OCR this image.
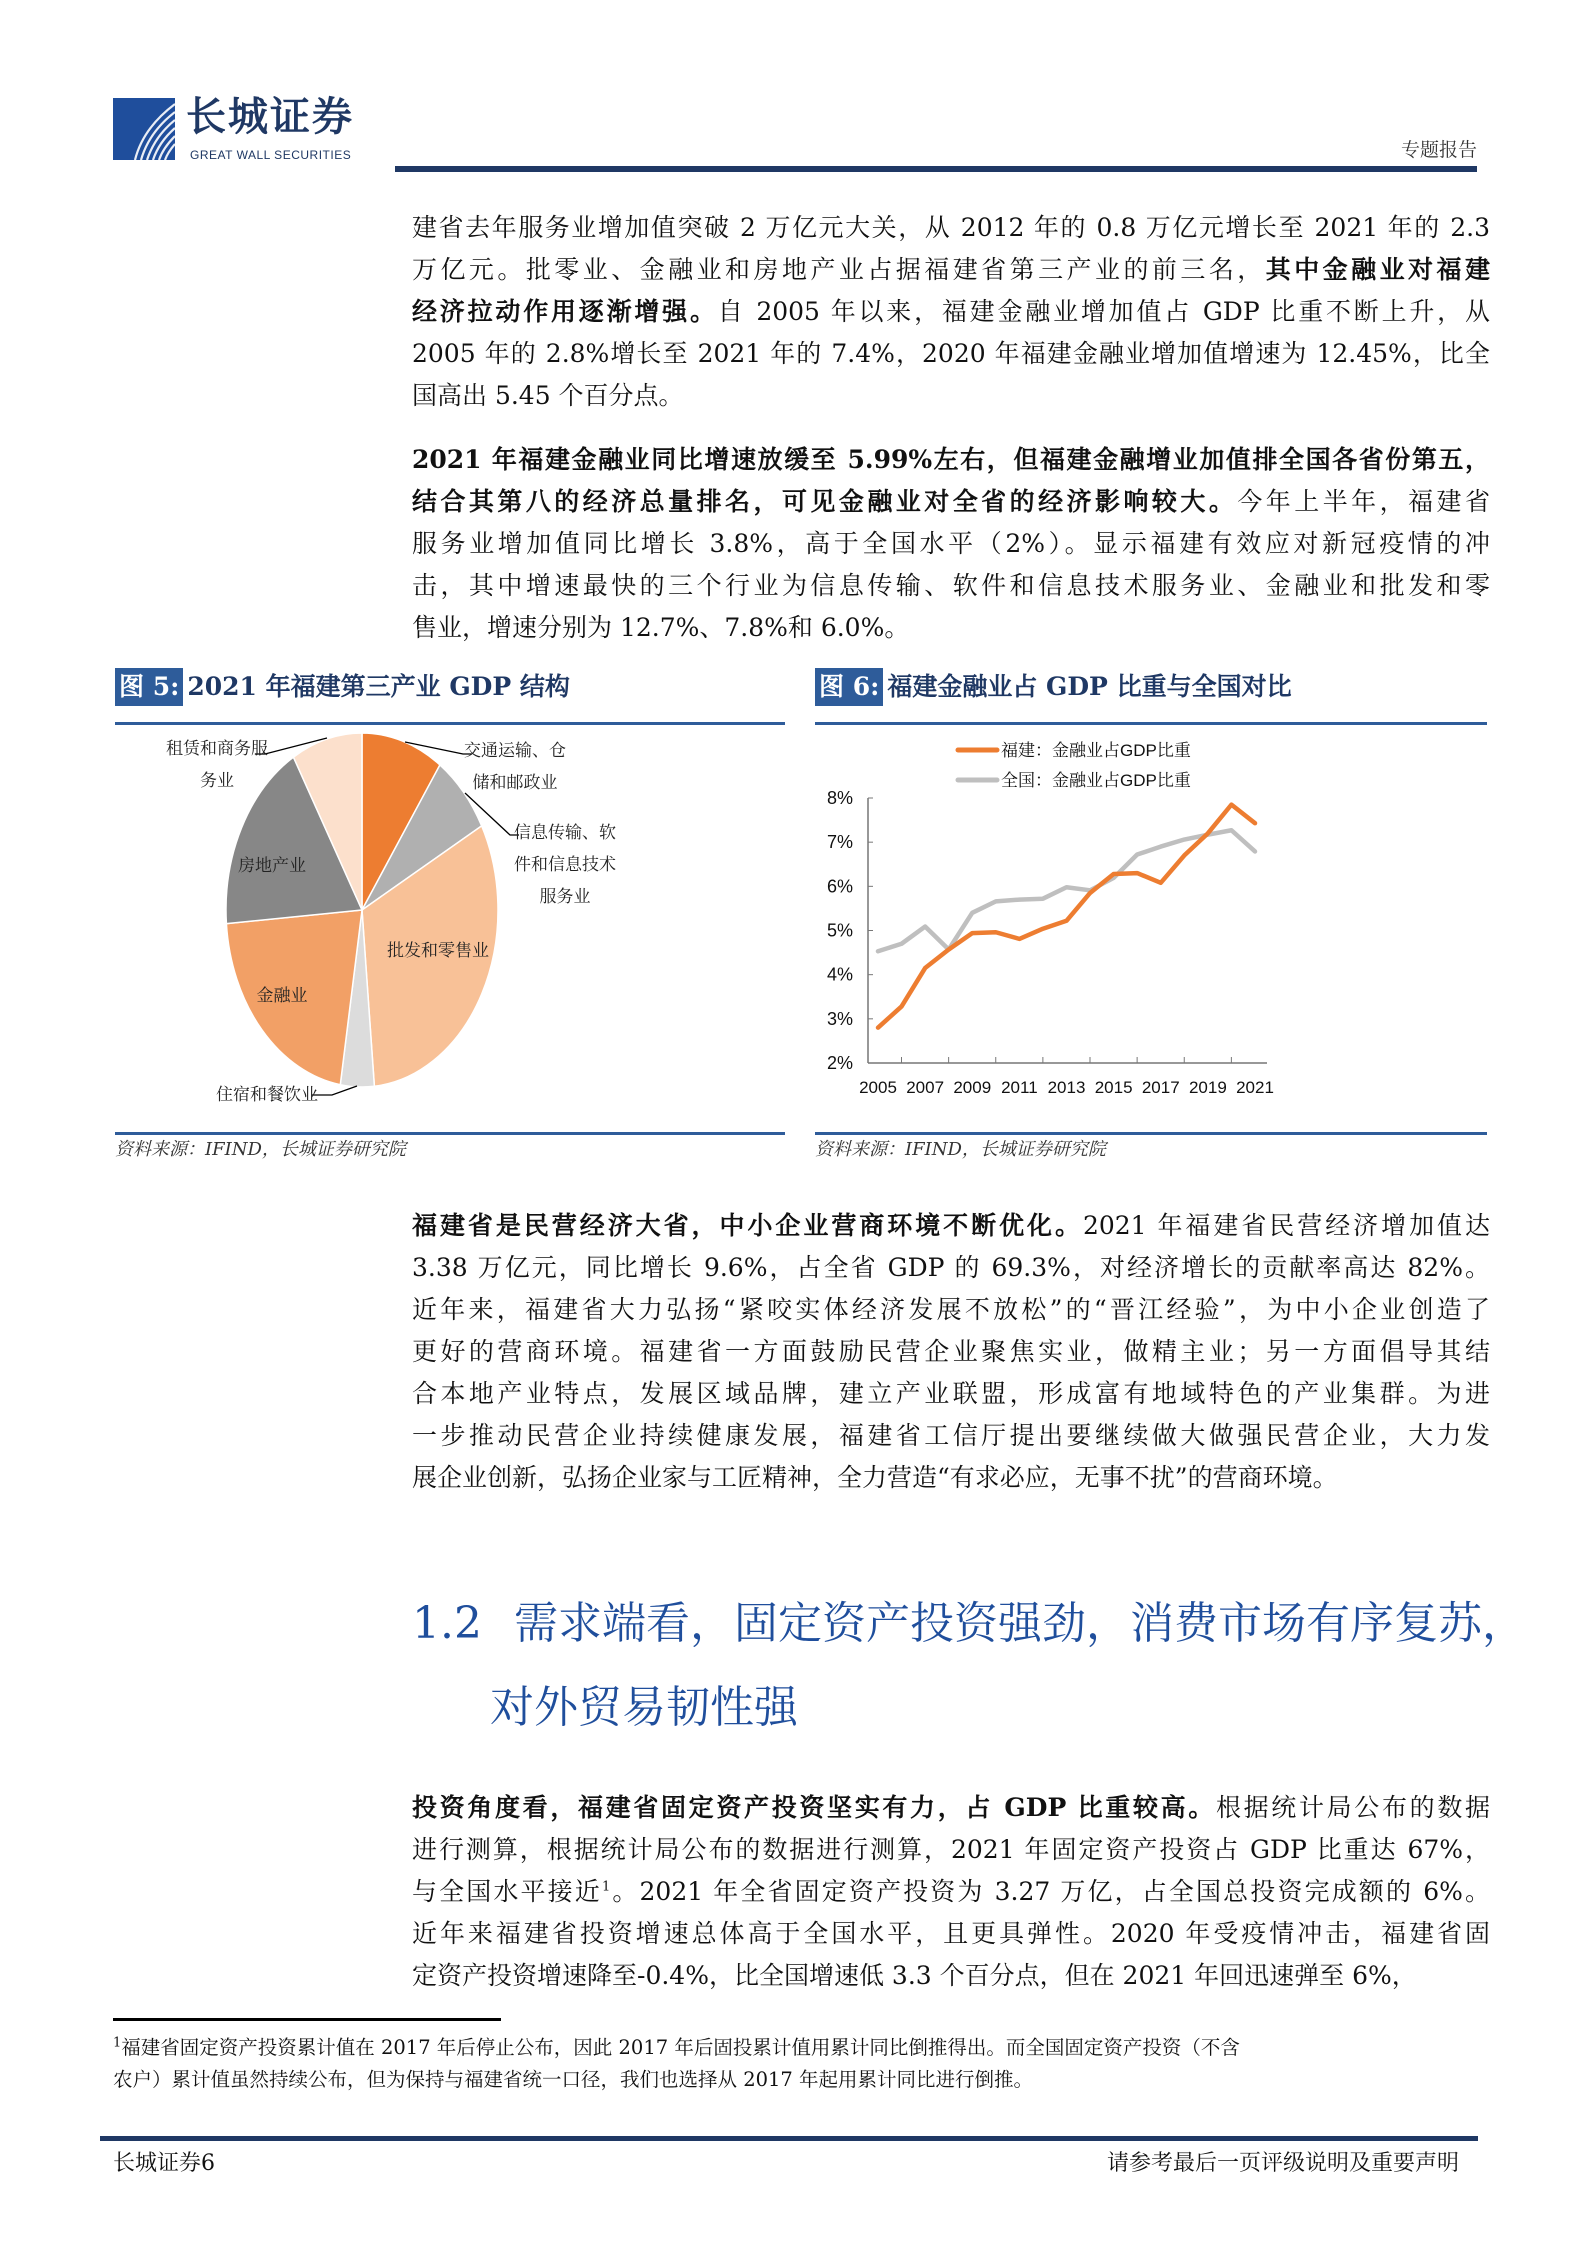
长城证券
GREAT WALL SECURITIES	专题报告
建省去年服务业增加值突破 2 万亿元大关，从 2012 年的 0.8 万亿元增长至 2021 年的 2.3
万亿元。批零业、金融业和房地产业占据福建省第三产业的前三名，其中金融业对福建
经济拉动作用逐渐增强。自 2005 年以来，福建金融业增加值占 GDP 比重不断上升，从
2005 年的 2.8%增长至 2021 年的 7.4%，2020 年福建金融业增加值增速为 12.45%，比全
国高出 5.45 个百分点。
2021 年福建金融业同比增速放缓至 5.99%左右，但福建金融增业加值排全国各省份第五，
结合其第八的经济总量排名，可见金融业对全省的经济影响较大。今年上半年，福建省
服务业增加值同比增长 3.8%，高于全国水平（2%）。显示福建有效应对新冠疫情的冲
击，其中增速最快的三个行业为信息传输、软件和信息技术服务业、金融业和批发和零
售业，增速分别为 12.7%、7.8%和 6.0%。
图 5: 2021 年福建第三产业 GDP 结构
交通运输、仓
储和邮政业
信息传输、软
件和信息技术
服务业
批发和零售业
住宿和餐饮业
金融业
房地产业
租赁和商务服
务业
资料来源：IFIND，长城证券研究院
图 6: 福建金融业占 GDP 比重与全国对比
8%
7%
6%
5%
4%
3%
2%
2005 2007 2009 2011 2013 2015 2017 2019 2021
福建：金融业占GDP比重
全国：金融业占GDP比重
资料来源：IFIND，长城证券研究院
福建省是民营经济大省，中小企业营商环境不断优化。2021 年福建省民营经济增加值达
3.38 万亿元，同比增长 9.6%，占全省 GDP 的 69.3%，对经济增长的贡献率高达 82%。
近年来，福建省大力弘扬“紧咬实体经济发展不放松”的“晋江经验”，为中小企业创造了
更好的营商环境。福建省一方面鼓励民营企业聚焦实业，做精主业；另一方面倡导其结
合本地产业特点，发展区域品牌，建立产业联盟，形成富有地域特色的产业集群。为进
一步推动民营企业持续健康发展，福建省工信厅提出要继续做大做强民营企业，大力发
展企业创新，弘扬企业家与工匠精神，全力营造“有求必应，无事不扰”的营商环境。
1.2 需求端看，固定资产投资强劲，消费市场有序复苏，
对外贸易韧性强
投资角度看，福建省固定资产投资坚实有力，占 GDP 比重较高。根据统计局公布的数据
进行测算，根据统计局公布的数据进行测算，2021 年固定资产投资占 GDP 比重达 67%，
与全国水平接近$^1$。2021 年全省固定资产投资为 3.27 万亿，占全国总投资完成额的 6%。
近年来福建省投资增速总体高于全国水平，且更具弹性。2020 年受疫情冲击，福建省固
定资产投资增速降至-0.4%，比全国增速低 3.3 个百分点，但在 2021 年回迅速弹至 6%，
$^1$福建省固定资产投资累计值在 2017 年后停止公布，因此 2017 年后固投累计值用累计同比倒推得出。而全国固定资产投资（不含
农户）累计值虽然持续公布，但为保持与福建省统一口径，我们也选择从 2017 年起用累计同比进行倒推。
长城证券6	请参考最后一页评级说明及重要声明
